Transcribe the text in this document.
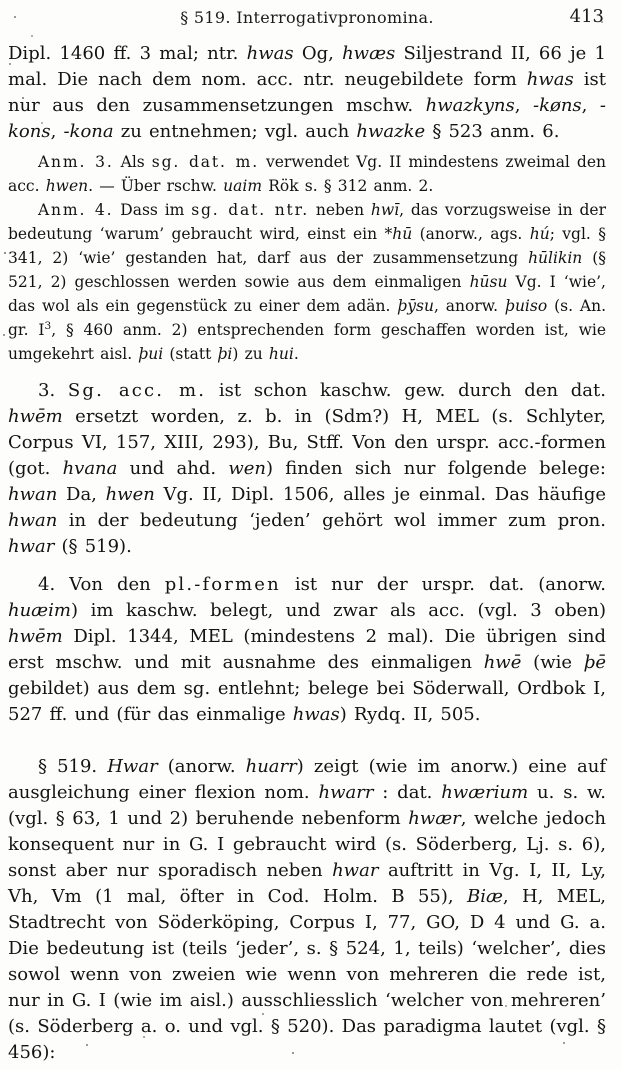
§ 519. Interrogativpronomina.	413

Dipl. 1460 ff. 3 mal; ntr. hwas Og, hwæs Siljestrand II, 66 je 1 mal. Die nach dem nom. acc. ntr. neugebildete form hwas ist nur aus den zusammensetzungen mschw. hwazkyns, -køns, -kons, -kona zu entnehmen; vgl. auch hwazke § 523 anm. 6.

Anm. 3. Als sg. dat. m. verwendet Vg. II mindestens zweimal den acc. hwen. — Über rschw. uaim Rök s. § 312 anm. 2.

Anm. 4. Dass im sg. dat. ntr. neben hwī, das vorzugsweise in der bedeutung ‘warum’ gebraucht wird, einst ein *hū (anorw., ags. hú; vgl. § 341, 2) ‘wie’ gestanden hat, darf aus der zusammensetzung hūlikin (§ 521, 2) geschlossen werden sowie aus dem einmaligen hūsu Vg. I ‘wie’, das wol als ein gegenstück zu einer dem adän. þȳsu, anorw. þuiso (s. An. gr. $I^3$, § 460 anm. 2) entsprechenden form geschaffen worden ist, wie umgekehrt aisl. þui (statt þi) zu hui.

3. Sg. acc. m. ist schon kaschw. gew. durch den dat. hwēm ersetzt worden, z. b. in (Sdm?) H, MEL (s. Schlyter, Corpus VI, 157, XIII, 293), Bu, Stff. Von den urspr. acc.-formen (got. hvana und ahd. wen) finden sich nur folgende belege: hwan Da, hwen Vg. II, Dipl. 1506, alles je einmal. Das häufige hwan in der bedeutung ‘jeden’ gehört wol immer zum pron. hwar (§ 519).

4. Von den pl.-formen ist nur der urspr. dat. (anorw. huæim) im kaschw. belegt, und zwar als acc. (vgl. 3 oben) hwēm Dipl. 1344, MEL (mindestens 2 mal). Die übrigen sind erst mschw. und mit ausnahme des einmaligen hwē (wie þē gebildet) aus dem sg. entlehnt; belege bei Söderwall, Ordbok I, 527 ff. und (für das einmalige hwas) Rydq. II, 505.

§ 519. Hwar (anorw. huarr) zeigt (wie im anorw.) eine auf ausgleichung einer flexion nom. hwarr : dat. hwærium u. s. w. (vgl. § 63, 1 und 2) beruhende nebenform hwær, welche jedoch konsequent nur in G. I gebraucht wird (s. Söderberg, Lj. s. 6), sonst aber nur sporadisch neben hwar auftritt in Vg. I, II, Ly, Vh, Vm (1 mal, öfter in Cod. Holm. B 55), Biæ, H, MEL, Stadtrecht von Söderköping, Corpus I, 77, GO, D 4 und G. a. Die bedeutung ist (teils ‘jeder’, s. § 524, 1, teils) ‘welcher’, dies sowol wenn von zweien wie wenn von mehreren die rede ist, nur in G. I (wie im aisl.) ausschliesslich ‘welcher von mehreren’ (s. Söderberg a. o. und vgl. § 520). Das paradigma lautet (vgl. § 456):
